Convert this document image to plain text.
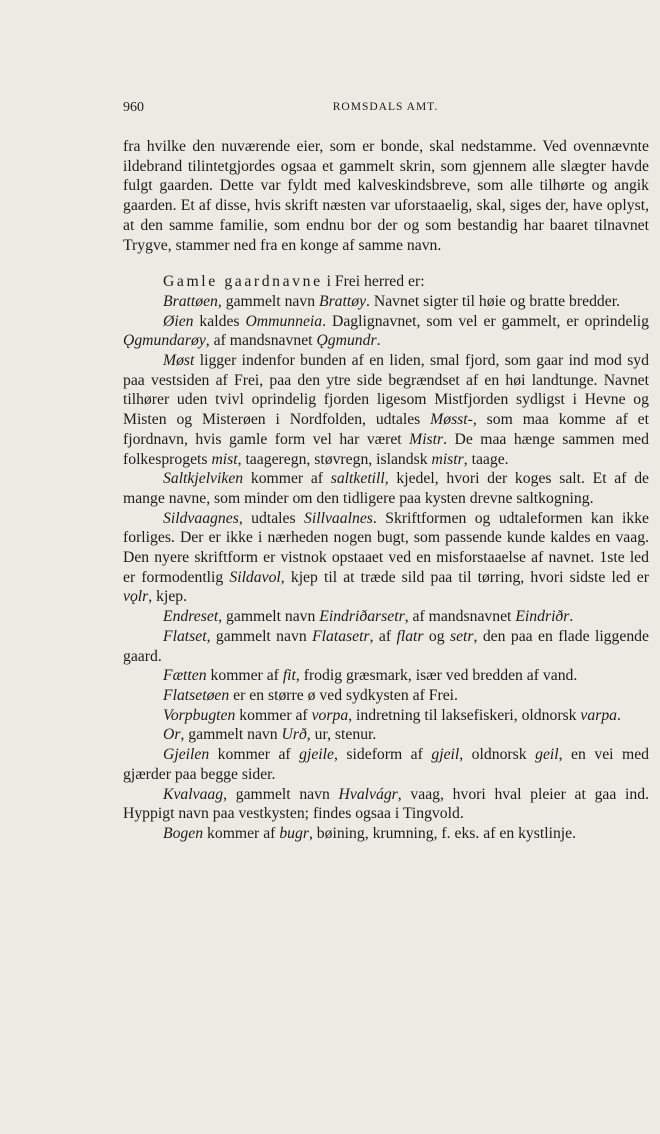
960	ROMSDALS AMT.

fra hvilke den nuværende eier, som er bonde, skal nedstamme. Ved ovennævnte ildebrand tilintetgjordes ogsaa et gammelt skrin, som gjennem alle slægter havde fulgt gaarden. Dette var fyldt med kalveskindsbreve, som alle tilhørte og angik gaarden. Et af disse, hvis skrift næsten var uforstaaelig, skal, siges der, have oplyst, at den samme familie, som endnu bor der og som bestandig har baaret tilnavnet Trygve, stammer ned fra en konge af samme navn.

Gamle gaardnavne i Frei herred er:

Brattøen, gammelt navn Brattøy. Navnet sigter til høie og bratte bredder.

Øien kaldes Ommunneia. Daglignavnet, som vel er gammelt, er oprindelig Ǫgmundarøy, af mandsnavnet Ǫgmundr.

Møst ligger indenfor bunden af en liden, smal fjord, som gaar ind mod syd paa vestsiden af Frei, paa den ytre side begrændset af en høi landtunge. Navnet tilhører uden tvivl oprindelig fjorden ligesom Mistfjorden sydligst i Hevne og Misten og Misterøen i Nordfolden, udtales Møsst-, som maa komme af et fjordnavn, hvis gamle form vel har været Mistr. De maa hænge sammen med folkesprogets mist, taageregn, støvregn, islandsk mistr, taage.

Saltkjelviken kommer af saltketill, kjedel, hvori der koges salt. Et af de mange navne, som minder om den tidligere paa kysten drevne saltkogning.

Sildvaagnes, udtales Sillvaalnes. Skriftformen og udtaleformen kan ikke forliges. Der er ikke i nærheden nogen bugt, som passende kunde kaldes en vaag. Den nyere skriftform er vistnok opstaaet ved en misforstaaelse af navnet. 1ste led er formodentlig Sildavol, kjep til at træde sild paa til tørring, hvori sidste led er vǫlr, kjep.

Endreset, gammelt navn Eindriðarsetr, af mandsnavnet Eindriðr.

Flatset, gammelt navn Flatasetr, af flatr og setr, den paa en flade liggende gaard.

Fætten kommer af fit, frodig græsmark, især ved bredden af vand.

Flatsetøen er en større ø ved sydkysten af Frei.

Vorpbugten kommer af vorpa, indretning til laksefiskeri, oldnorsk varpa.

Or, gammelt navn Urð, ur, stenur.

Gjeilen kommer af gjeile, sideform af gjeil, oldnorsk geil, en vei med gjærder paa begge sider.

Kvalvaag, gammelt navn Hvalvágr, vaag, hvori hval pleier at gaa ind. Hyppigt navn paa vestkysten; findes ogsaa i Tingvold.

Bogen kommer af bugr, bøining, krumning, f. eks. af en kystlinje.
